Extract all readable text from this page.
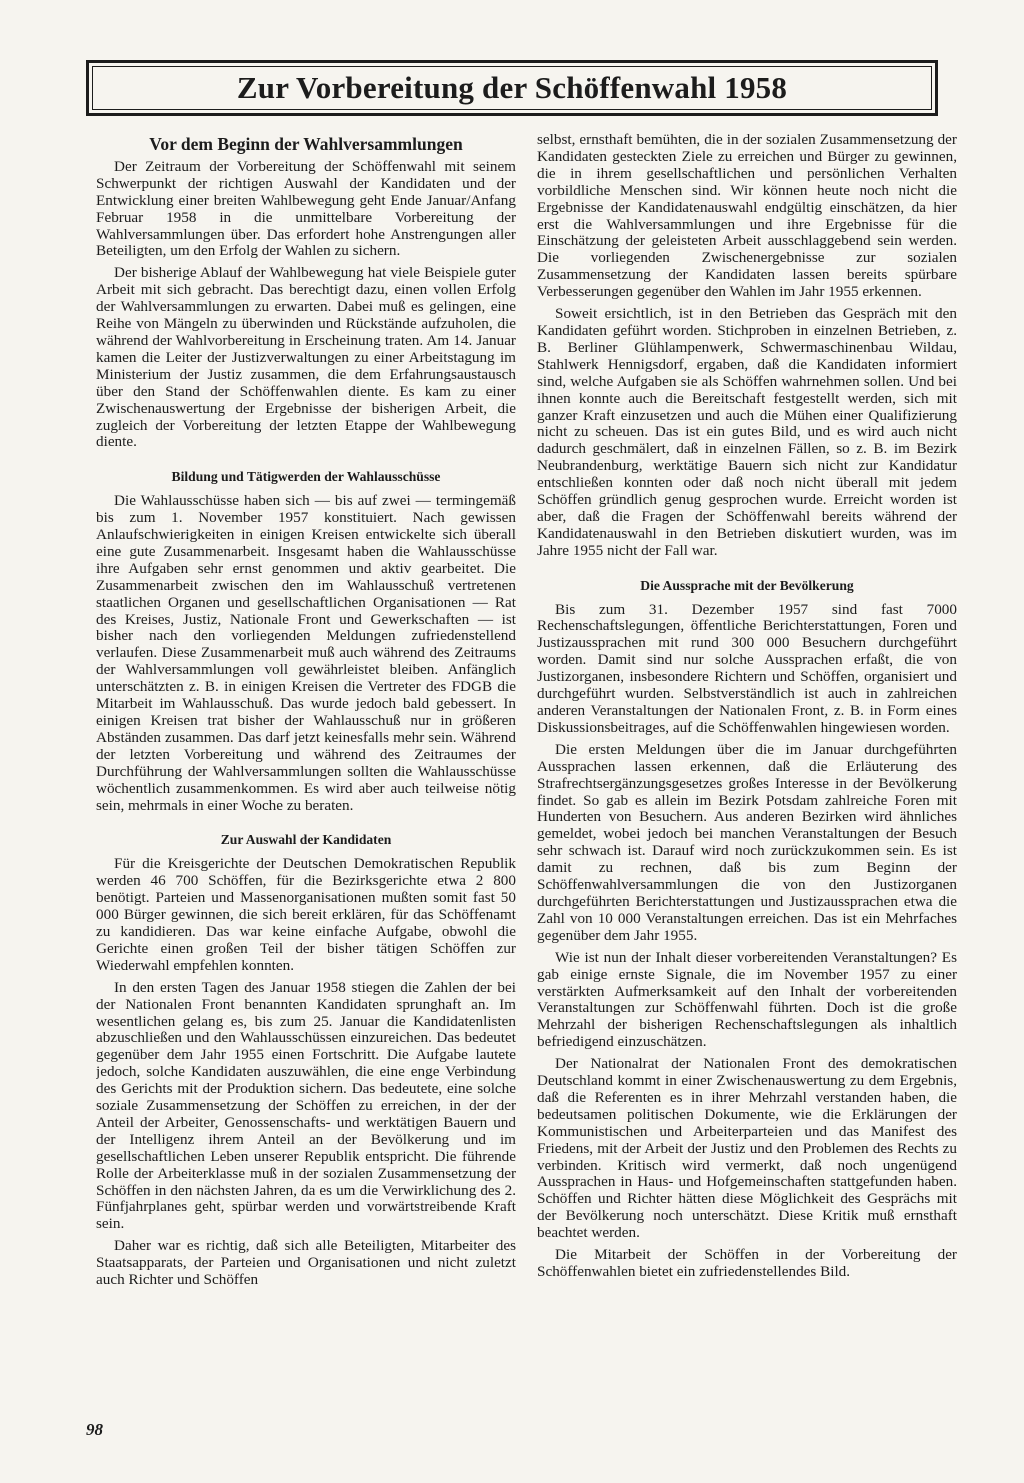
Zur Vorbereitung der Schöffenwahl 1958
Vor dem Beginn der Wahlversammlungen

Der Zeitraum der Vorbereitung der Schöffenwahl mit seinem Schwerpunkt der richtigen Auswahl der Kandidaten und der Entwicklung einer breiten Wahlbewegung geht Ende Januar/Anfang Februar 1958 in die unmittelbare Vorbereitung der Wahlversammlungen über. Das erfordert hohe Anstrengungen aller Beteiligten, um den Erfolg der Wahlen zu sichern.

Der bisherige Ablauf der Wahlbewegung hat viele Beispiele guter Arbeit mit sich gebracht. Das berechtigt dazu, einen vollen Erfolg der Wahlversammlungen zu erwarten. Dabei muß es gelingen, eine Reihe von Mängeln zu überwinden und Rückstände aufzuholen, die während der Wahlvorbereitung in Erscheinung traten. Am 14. Januar kamen die Leiter der Justizverwaltungen zu einer Arbeitstagung im Ministerium der Justiz zusammen, die dem Erfahrungsaustausch über den Stand der Schöffenwahlen diente. Es kam zu einer Zwischenauswertung der Ergebnisse der bisherigen Arbeit, die zugleich der Vorbereitung der letzten Etappe der Wahlbewegung diente.

Bildung und Tätigwerden der Wahlausschüsse

Die Wahlausschüsse haben sich — bis auf zwei — termingemäß bis zum 1. November 1957 konstituiert. Nach gewissen Anlaufschwierigkeiten in einigen Kreisen entwickelte sich überall eine gute Zusammenarbeit. Insgesamt haben die Wahlausschüsse ihre Aufgaben sehr ernst genommen und aktiv gearbeitet. Die Zusammenarbeit zwischen den im Wahlausschuß vertretenen staatlichen Organen und gesellschaftlichen Organisationen — Rat des Kreises, Justiz, Nationale Front und Gewerkschaften — ist bisher nach den vorliegenden Meldungen zufriedenstellend verlaufen. Diese Zusammenarbeit muß auch während des Zeitraums der Wahlversammlungen voll gewährleistet bleiben. Anfänglich unterschätzten z. B. in einigen Kreisen die Vertreter des FDGB die Mitarbeit im Wahlausschuß. Das wurde jedoch bald gebessert. In einigen Kreisen trat bisher der Wahlausschuß nur in größeren Abständen zusammen. Das darf jetzt keinesfalls mehr sein. Während der letzten Vorbereitung und während des Zeitraumes der Durchführung der Wahlversammlungen sollten die Wahlausschüsse wöchentlich zusammenkommen. Es wird aber auch teilweise nötig sein, mehrmals in einer Woche zu beraten.

Zur Auswahl der Kandidaten

Für die Kreisgerichte der Deutschen Demokratischen Republik werden 46 700 Schöffen, für die Bezirksgerichte etwa 2 800 benötigt. Parteien und Massenorganisationen mußten somit fast 50 000 Bürger gewinnen, die sich bereit erklären, für das Schöffenamt zu kandidieren. Das war keine einfache Aufgabe, obwohl die Gerichte einen großen Teil der bisher tätigen Schöffen zur Wiederwahl empfehlen konnten.

In den ersten Tagen des Januar 1958 stiegen die Zahlen der bei der Nationalen Front benannten Kandidaten sprunghaft an. Im wesentlichen gelang es, bis zum 25. Januar die Kandidatenlisten abzuschließen und den Wahlausschüssen einzureichen. Das bedeutet gegenüber dem Jahr 1955 einen Fortschritt. Die Aufgabe lautete jedoch, solche Kandidaten auszuwählen, die eine enge Verbindung des Gerichts mit der Produktion sichern. Das bedeutete, eine solche soziale Zusammensetzung der Schöffen zu erreichen, in der der Anteil der Arbeiter, Genossenschafts- und werktätigen Bauern und der Intelligenz ihrem Anteil an der Bevölkerung und im gesellschaftlichen Leben unserer Republik entspricht. Die führende Rolle der Arbeiterklasse muß in der sozialen Zusammensetzung der Schöffen in den nächsten Jahren, da es um die Verwirklichung des 2. Fünfjahrplanes geht, spürbar werden und vorwärtstreibende Kraft sein.

Daher war es richtig, daß sich alle Beteiligten, Mitarbeiter des Staatsapparats, der Parteien und Organisationen und nicht zuletzt auch Richter und Schöffen

selbst, ernsthaft bemühten, die in der sozialen Zusammensetzung der Kandidaten gesteckten Ziele zu erreichen und Bürger zu gewinnen, die in ihrem gesellschaftlichen und persönlichen Verhalten vorbildliche Menschen sind. Wir können heute noch nicht die Ergebnisse der Kandidatenauswahl endgültig einschätzen, da hier erst die Wahlversammlungen und ihre Ergebnisse für die Einschätzung der geleisteten Arbeit ausschlaggebend sein werden. Die vorliegenden Zwischenergebnisse zur sozialen Zusammensetzung der Kandidaten lassen bereits spürbare Verbesserungen gegenüber den Wahlen im Jahr 1955 erkennen.

Soweit ersichtlich, ist in den Betrieben das Gespräch mit den Kandidaten geführt worden. Stichproben in einzelnen Betrieben, z. B. Berliner Glühlampenwerk, Schwermaschinenbau Wildau, Stahlwerk Hennigsdorf, ergaben, daß die Kandidaten informiert sind, welche Aufgaben sie als Schöffen wahrnehmen sollen. Und bei ihnen konnte auch die Bereitschaft festgestellt werden, sich mit ganzer Kraft einzusetzen und auch die Mühen einer Qualifizierung nicht zu scheuen. Das ist ein gutes Bild, und es wird auch nicht dadurch geschmälert, daß in einzelnen Fällen, so z. B. im Bezirk Neubrandenburg, werktätige Bauern sich nicht zur Kandidatur entschließen konnten oder daß noch nicht überall mit jedem Schöffen gründlich genug gesprochen wurde. Erreicht worden ist aber, daß die Fragen der Schöffenwahl bereits während der Kandidatenauswahl in den Betrieben diskutiert wurden, was im Jahre 1955 nicht der Fall war.

Die Aussprache mit der Bevölkerung

Bis zum 31. Dezember 1957 sind fast 7000 Rechenschaftslegungen, öffentliche Berichterstattungen, Foren und Justizaussprachen mit rund 300 000 Besuchern durchgeführt worden. Damit sind nur solche Aussprachen erfaßt, die von Justizorganen, insbesondere Richtern und Schöffen, organisiert und durchgeführt wurden. Selbstverständlich ist auch in zahlreichen anderen Veranstaltungen der Nationalen Front, z. B. in Form eines Diskussionsbeitrages, auf die Schöffenwahlen hingewiesen worden.

Die ersten Meldungen über die im Januar durchgeführten Aussprachen lassen erkennen, daß die Erläuterung des Strafrechtsergänzungsgesetzes großes Interesse in der Bevölkerung findet. So gab es allein im Bezirk Potsdam zahlreiche Foren mit Hunderten von Besuchern. Aus anderen Bezirken wird ähnliches gemeldet, wobei jedoch bei manchen Veranstaltungen der Besuch sehr schwach ist. Darauf wird noch zurückzukommen sein. Es ist damit zu rechnen, daß bis zum Beginn der Schöffenwahlversammlungen die von den Justizorganen durchgeführten Berichterstattungen und Justizaussprachen etwa die Zahl von 10 000 Veranstaltungen erreichen. Das ist ein Mehrfaches gegenüber dem Jahr 1955.

Wie ist nun der Inhalt dieser vorbereitenden Veranstaltungen? Es gab einige ernste Signale, die im November 1957 zu einer verstärkten Aufmerksamkeit auf den Inhalt der vorbereitenden Veranstaltungen zur Schöffenwahl führten. Doch ist die große Mehrzahl der bisherigen Rechenschaftslegungen als inhaltlich befriedigend einzuschätzen.

Der Nationalrat der Nationalen Front des demokratischen Deutschland kommt in einer Zwischenauswertung zu dem Ergebnis, daß die Referenten es in ihrer Mehrzahl verstanden haben, die bedeutsamen politischen Dokumente, wie die Erklärungen der Kommunistischen und Arbeiterparteien und das Manifest des Friedens, mit der Arbeit der Justiz und den Problemen des Rechts zu verbinden. Kritisch wird vermerkt, daß noch ungenügend Aussprachen in Haus- und Hofgemeinschaften stattgefunden haben. Schöffen und Richter hätten diese Möglichkeit des Gesprächs mit der Bevölkerung noch unterschätzt. Diese Kritik muß ernsthaft beachtet werden.

Die Mitarbeit der Schöffen in der Vorbereitung der Schöffenwahlen bietet ein zufriedenstellendes Bild.

98
